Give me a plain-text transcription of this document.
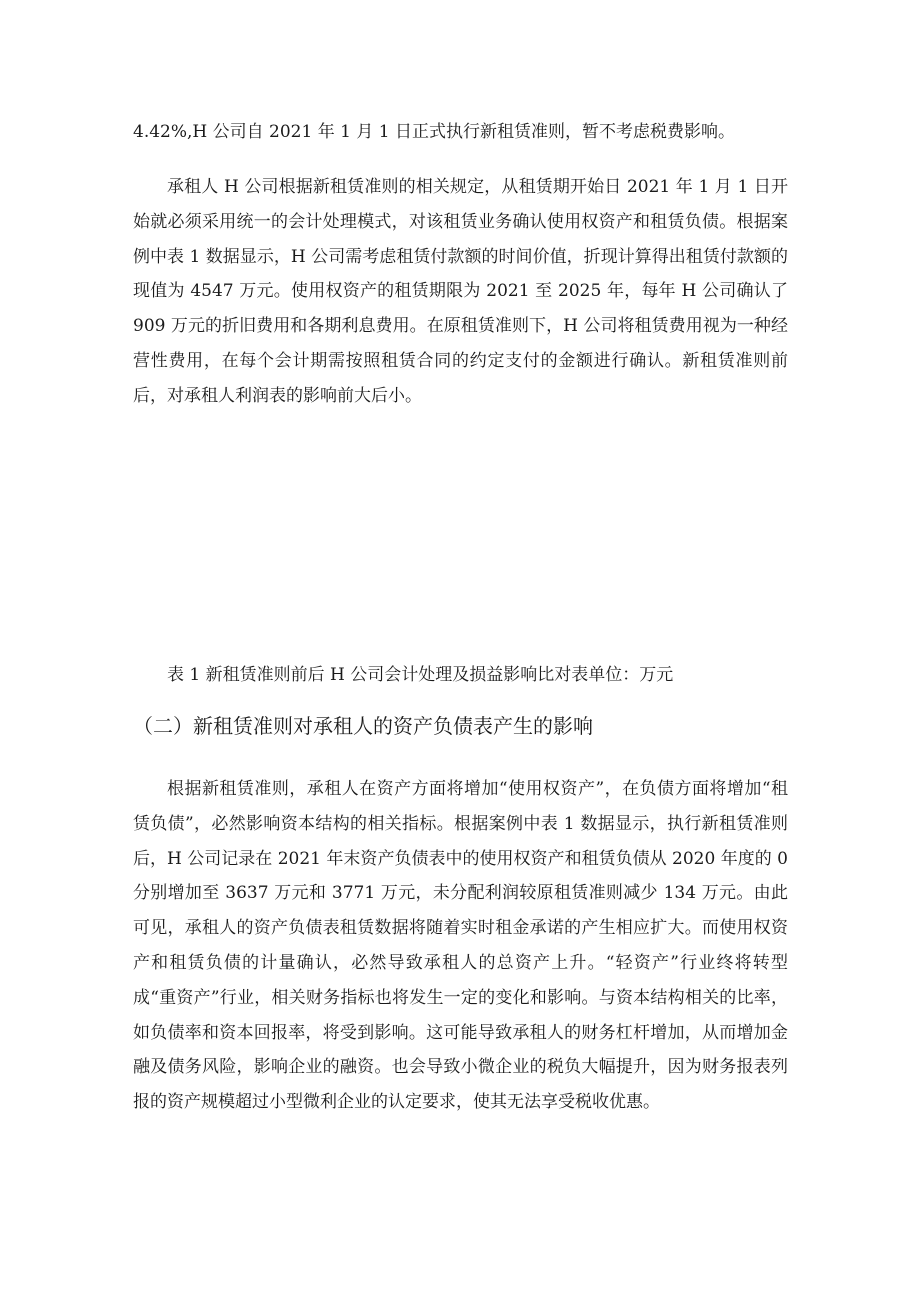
4.42%,H 公司自 2021 年 1 月 1 日正式执行新租赁准则，暂不考虑税费影响。

承租人 H 公司根据新租赁准则的相关规定，从租赁期开始日 2021 年 1 月 1 日开始就必须采用统一的会计处理模式，对该租赁业务确认使用权资产和租赁负债。根据案例中表 1 数据显示，H 公司需考虑租赁付款额的时间价值，折现计算得出租赁付款额的现值为 4547 万元。使用权资产的租赁期限为 2021 至 2025 年，每年 H 公司确认了 909 万元的折旧费用和各期利息费用。在原租赁准则下，H 公司将租赁费用视为一种经营性费用，在每个会计期需按照租赁合同的约定支付的金额进行确认。新租赁准则前后，对承租人利润表的影响前大后小。

表 1 新租赁准则前后 H 公司会计处理及损益影响比对表单位：万元

（二）新租赁准则对承租人的资产负债表产生的影响

根据新租赁准则，承租人在资产方面将增加“使用权资产”，在负债方面将增加“租赁负债”，必然影响资本结构的相关指标。根据案例中表 1 数据显示，执行新租赁准则后，H 公司记录在 2021 年末资产负债表中的使用权资产和租赁负债从 2020 年度的 0 分别增加至 3637 万元和 3771 万元，未分配利润较原租赁准则减少 134 万元。由此可见，承租人的资产负债表租赁数据将随着实时租金承诺的产生相应扩大。而使用权资产和租赁负债的计量确认，必然导致承租人的总资产上升。“轻资产”行业终将转型成“重资产”行业，相关财务指标也将发生一定的变化和影响。与资本结构相关的比率，如负债率和资本回报率，将受到影响。这可能导致承租人的财务杠杆增加，从而增加金融及债务风险，影响企业的融资。也会导致小微企业的税负大幅提升，因为财务报表列报的资产规模超过小型微利企业的认定要求，使其无法享受税收优惠。
